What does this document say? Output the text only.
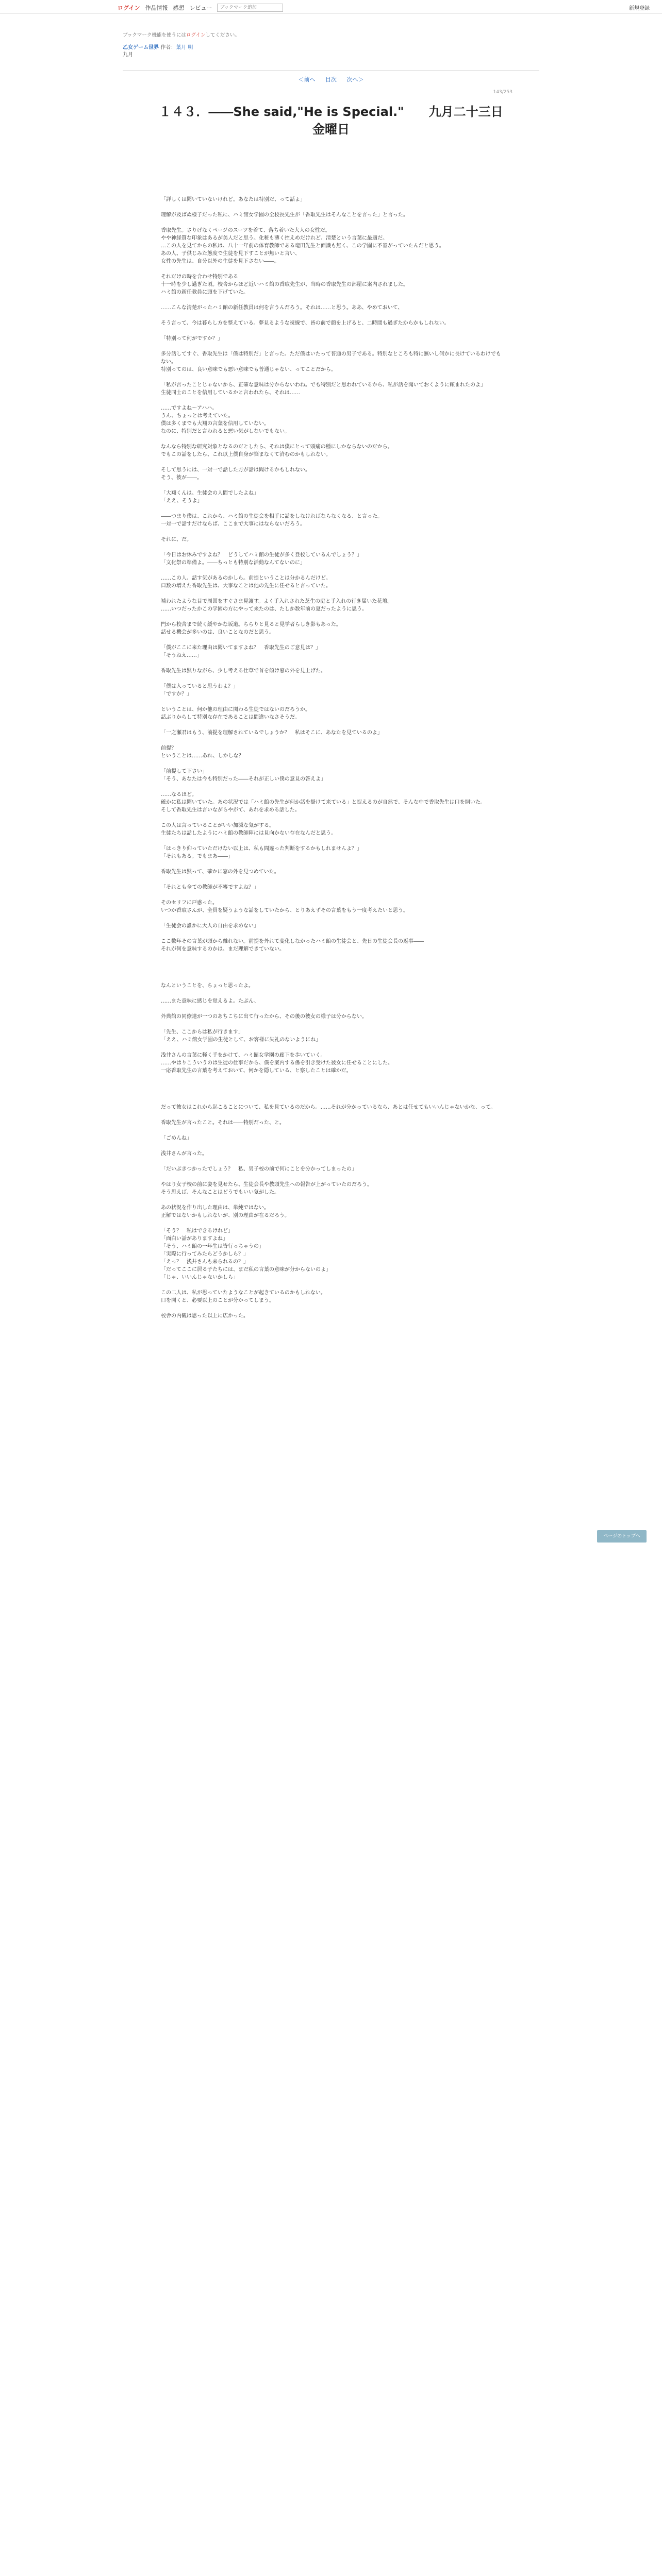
ログイン 作品情報 感想 レビュー
ブックマーク追加	新規登録
ブックマーク機能を使うにはログインしてください。
乙女ゲーム世界 作者：葉月 明
九月
＜前へ 目次 次へ＞
143/253
１４３．――She said,"He is Special."　　九月二十三日　金曜日

「詳しくは聞いていないけれど。あなたは特別だ、って話よ」

理解が及ばぬ様子だった私に、ハミ館女学園の全校長先生が「香取先生はそんなことを言った」と言った。

香取先生。さりげなくページのスーツを着て、落ち着いた大人の女性だ。
やや神経質な印象はあるが美人だと思う。化粧も薄く控えめだけれど、清楚という言葉に最適だ。
…この人を見てからの私は、八十一年前の体育教師である竜田先生と面識も無く、この学園に不審がっていたんだと思う。
あの人、子供じみた態度で生徒を見下すことが無いと言い、
女性の先生は、自分以外の生徒を見下さない――。

それだけの時を合わせ特別である
十一時を少し過ぎた頃。校舎からほど近いハミ館の香取先生が、当時の香取先生の部屋に案内されました。
ハミ館の新任教員に頭を下げていた。

……こんな清楚がったハミ館の新任教員は何を言うんだろう。それは……と思う。ああ、やめておいて、

そう言って、今は暮らし方を整えている。夢見るような視線で、皆の前で顔を上げると、二時間も過ぎたからかもしれない。

「特別って何がですか？」

多分話してすぐ、香取先生は「僕は特別だ」と言った。ただ僕はいたって普通の男子である。特別なところも特に無いし何かに長けているわけでもない。
特別ってのは、良い意味でも悪い意味でも普通じゃない、ってことだから。

「私が言ったことじゃないから、正確な意味は分からないわね。でも特別だと思われているから、私が話を聞いておくように頼まれたのよ」
生徒同士のことを信用しているかと言われたら、それは……

……ですよね～アハハ。
うん、ちょっとは考えていた。
僕は多くまでも大翔の言葉を信用していない。
なのに、特別だと言われると悪い気がしないでもない。

なんなら特別な研究対象となるのだとしたら、それは僕にとって頭痛の種にしかならないのだから。
でもこの話をしたら、これ以上僕自身が悩まなくて済むのかもしれない。

そして思うには、一対一で話した方が話は聞けるかもしれない。
そう、彼が――。

「大翔くんは、生徒会の人間でしたよね」
「ええ、そうよ」

――つまり僕は、これから、ハミ館の生徒会を相手に話をしなければならなくなる、と言った。
一対一で話すだけならば、ここまで大事にはならないだろう。

それに、だ。

「今日はお休みですよね？　どうしてハミ館の生徒が多く登校しているんでしょう？」
「文化祭の準備よ。――ちっとも特別な活動なんてないのに」

……この人、話す気があるのかしら。前提ということは分かるんだけど。
口数の増えた香取先生は、大事なことは他の先生に任せると言っていた。

補われたような目で周囲をすぐさま見渡す。よく手入れされた芝生の庭と手入れの行き届いた花壇。
……いつだったかこの学園の方にやって来たのは、たしか数年前の夏だったように思う。

門から校舎まで続く緩やかな坂道。ちらりと見ると見学者らしき影もあった。
話せる機会が多いのは、良いことなのだと思う。

「僕がここに来た理由は聞いてますよね？　香取先生のご意見は？」
「そうねえ……」

香取先生は黙りながら、少し考える仕草で首を傾け窓の外を見上げた。

「僕は入っていると思うわよ？」
「ですか？」

ということは、何か他の理由に関わる生徒ではないのだろうか。
話ぶりからして特別な存在であることは間違いなさそうだ。

「一之瀬君はもう、前提を理解されているでしょうか？　私はそこに、あなたを見ているのよ」

前提？
ということは……あれ、しかしな？

「前提して下さい」
「そう、あなたは今も特別だった――それが正しい僕の意見の答えよ」

……なるほど。
確かに私は聞いていた。あの状況では「ハミ館の先生が何か話を掛けて来ている」と捉えるのが自然で、そんな中で香取先生は口を開いた。
そして香取先生は言いながらやがて、あれを求める話した。

この人は言っていることがいい加減な気がする。
生徒たちは話したようにハミ館の教師陣には見向かない存在なんだと思う。

「はっきり仰っていただけない以上は、私も間違った判断をするかもしれませんよ？」
「それもある。でもまあ――」

香取先生は黙って、確かに窓の外を見つめていた。

「それとも全ての教師が不審ですよね？」

そのセリフに戸惑った。
いつか香取さんが、全員を疑うような話をしていたから、とりあえずその言葉をもう一度考えたいと思う。

「生徒会の誰かに大人の自由を求めない」

ここ数年その言葉が頭から離れない。前提を外れて変化しなかったハミ館の生徒会と、先日の生徒会長の返事――
それが何を意味するのかは、まだ理解できていない。

なんということを、ちょっと思ったよ。

……また意味に感じを覚えるよ。たぶん、

外典館の同僚達が一つのあちこちに出て行ったから、その後の彼女の様子は分からない。

「先生、ここからは私が行きます」
「ええ、ハミ館女学園の生徒として、お客様に失礼のないようにね」

浅井さんの言葉に軽く手をかけて、ハミ館女学園の廊下を歩いていく。
……やはりこういうのは生徒の仕事だから、僕を案内する係を引き受けた彼女に任せることにした。
一応香取先生の言葉を考えておいて、何かを隠している、と察したことは確かだ。

だって彼女はこれから起こることについて、私を見ているのだから。……それが分かっているなら、あとは任せてもいいんじゃないかな、って。

香取先生が言ったこと。それは――特別だった、と。

「ごめんね」

浅井さんが言った。

「だいぶきつかったでしょう？　私、男子校の前で何にことを分かってしまったの」

やはり女子校の前に姿を見せたら、生徒会長や教頭先生への報告が上がっていたのだろう。
そう思えば、そんなことはどうでもいい気がした。

あの状況を作り出した理由は、単純ではない。
正解ではないかもしれないが、別の理由が在るだろう。

「そう？　私はできるけれど」
「面白い話がありますよね」
「そう、ハミ館の一年生は皆行っちゃうの」
「実際に行ってみたらどうかしら？」
「えっ？　浅井さんも来られるの？」
「だってここに居る子たちには、まだ私の言葉の意味が分からないのよ」
「じゃ、いいんじゃないかしら」

この二人は、私が思っていたようなことが起きているのかもしれない。
口を開くと、必要以上のことが分かってしまう。

校舎の内観は思った以上に広かった。

ページのトップへ
